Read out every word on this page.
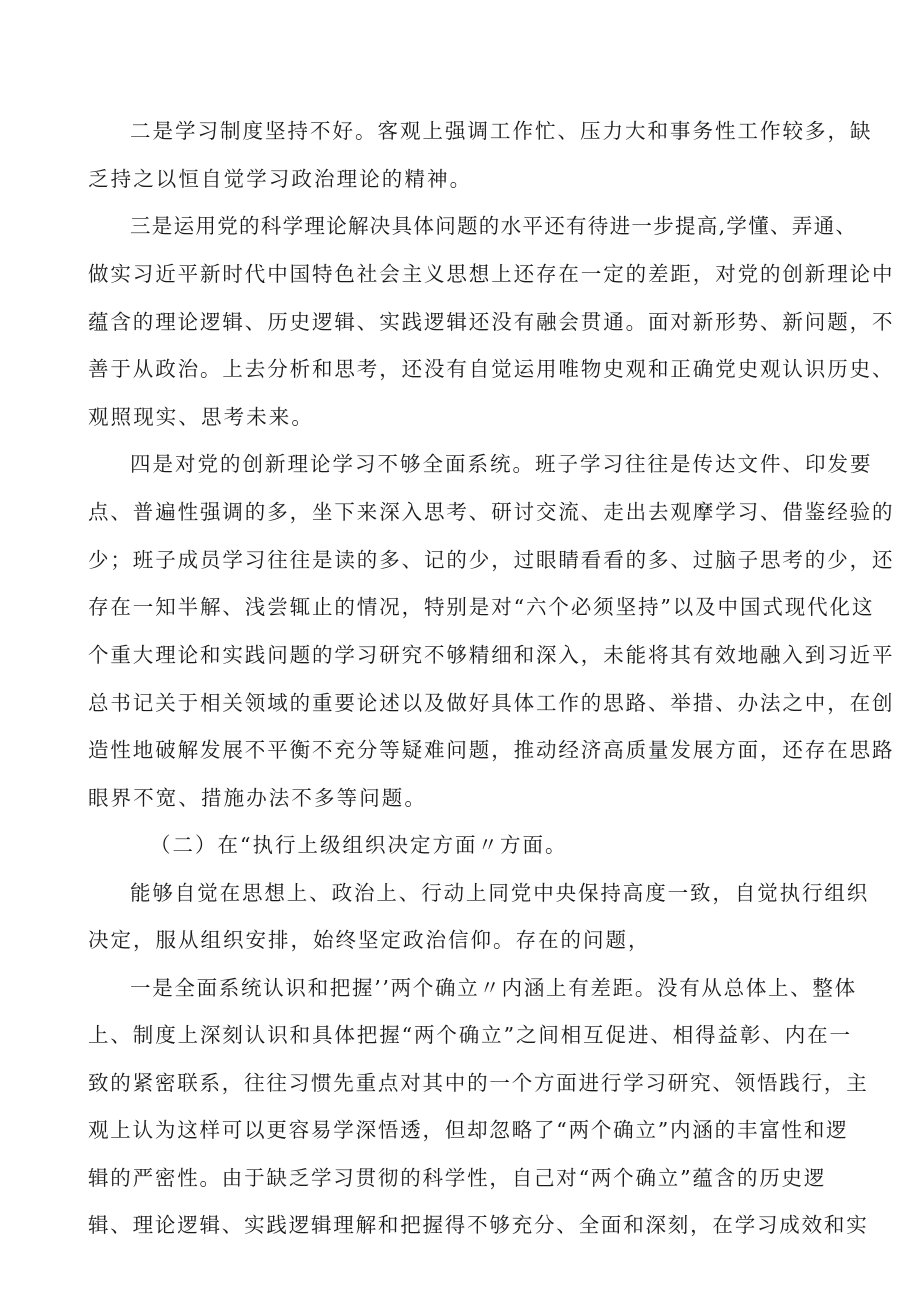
二是学习制度坚持不好。客观上强调工作忙、压力大和事务性工作较多，缺

乏持之以恒自觉学习政治理论的精神。

三是运用党的科学理论解决具体问题的水平还有待进一步提高,学懂、弄通、

做实习近平新时代中国特色社会主义思想上还存在一定的差距，对党的创新理论中

蕴含的理论逻辑、历史逻辑、实践逻辑还没有融会贯通。面对新形势、新问题，不

善于从政治。上去分析和思考，还没有自觉运用唯物史观和正确党史观认识历史、

观照现实、思考未来。

四是对党的创新理论学习不够全面系统。班子学习往往是传达文件、印发要

点、普遍性强调的多，坐下来深入思考、研讨交流、走出去观摩学习、借鉴经验的

少；班子成员学习往往是读的多、记的少，过眼睛看看的多、过脑子思考的少，还

存在一知半解、浅尝辄止的情况，特别是对“六个必须坚持”以及中国式现代化这

个重大理论和实践问题的学习研究不够精细和深入，未能将其有效地融入到习近平

总书记关于相关领域的重要论述以及做好具体工作的思路、举措、办法之中，在创

造性地破解发展不平衡不充分等疑难问题，推动经济高质量发展方面，还存在思路

眼界不宽、措施办法不多等问题。

（二）在“执行上级组织决定方面〃方面。

能够自觉在思想上、政治上、行动上同党中央保持高度一致，自觉执行组织

决定，服从组织安排，始终坚定政治信仰。存在的问题，

一是全面系统认识和把握’’两个确立〃内涵上有差距。没有从总体上、整体

上、制度上深刻认识和具体把握“两个确立”之间相互促进、相得益彰、内在一

致的紧密联系，往往习惯先重点对其中的一个方面进行学习研究、领悟践行，主

观上认为这样可以更容易学深悟透，但却忽略了“两个确立”内涵的丰富性和逻

辑的严密性。由于缺乏学习贯彻的科学性，自己对“两个确立”蕴含的历史逻

辑、理论逻辑、实践逻辑理解和把握得不够充分、全面和深刻，在学习成效和实
